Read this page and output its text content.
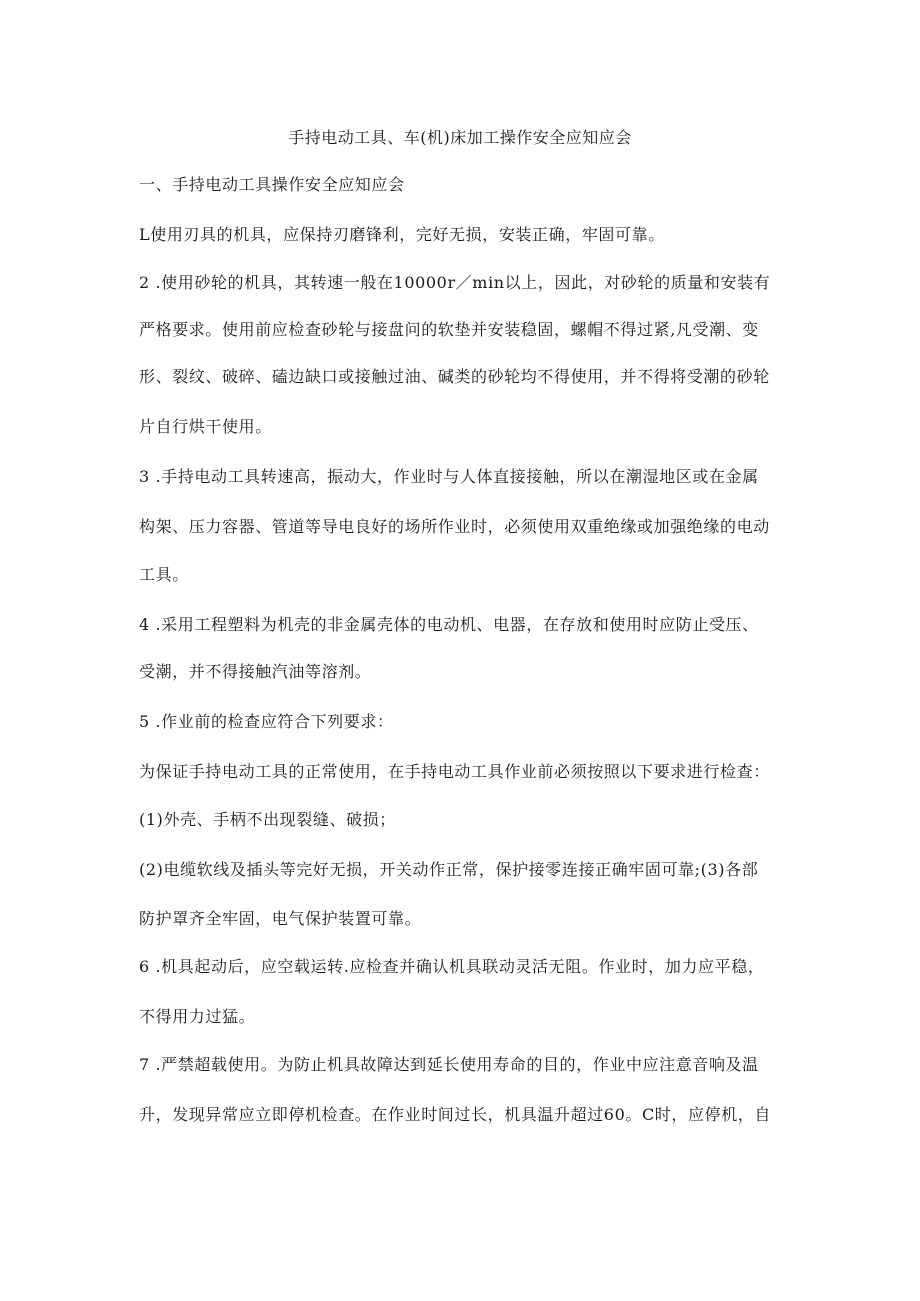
手持电动工具、车(机)床加工操作安全应知应会
一、手持电动工具操作安全应知应会
L使用刃具的机具，应保持刃磨锋利，完好无损，安装正确，牢固可靠。
2 .使用砂轮的机具，其转速一般在10000r／min以上，因此，对砂轮的质量和安装有
严格要求。使用前应检查砂轮与接盘问的软垫并安装稳固，螺帽不得过紧,凡受潮、变
形、裂纹、破碎、磕边缺口或接触过油、碱类的砂轮均不得使用，并不得将受潮的砂轮
片自行烘干使用。
3 .手持电动工具转速高，振动大，作业时与人体直接接触，所以在潮湿地区或在金属
构架、压力容器、管道等导电良好的场所作业时，必须使用双重绝缘或加强绝缘的电动
工具。
4 .采用工程塑料为机壳的非金属壳体的电动机、电器，在存放和使用时应防止受压、
受潮，并不得接触汽油等溶剂。
5 .作业前的检查应符合下列要求：
为保证手持电动工具的正常使用，在手持电动工具作业前必须按照以下要求进行检查：
(1)外壳、手柄不出现裂缝、破损；
(2)电缆软线及插头等完好无损，开关动作正常，保护接零连接正确牢固可靠;(3)各部
防护罩齐全牢固，电气保护装置可靠。
6 .机具起动后，应空载运转.应检查并确认机具联动灵活无阻。作业时，加力应平稳，
不得用力过猛。
7 .严禁超载使用。为防止机具故障达到延长使用寿命的目的，作业中应注意音响及温
升，发现异常应立即停机检查。在作业时间过长，机具温升超过60。C时，应停机，自
